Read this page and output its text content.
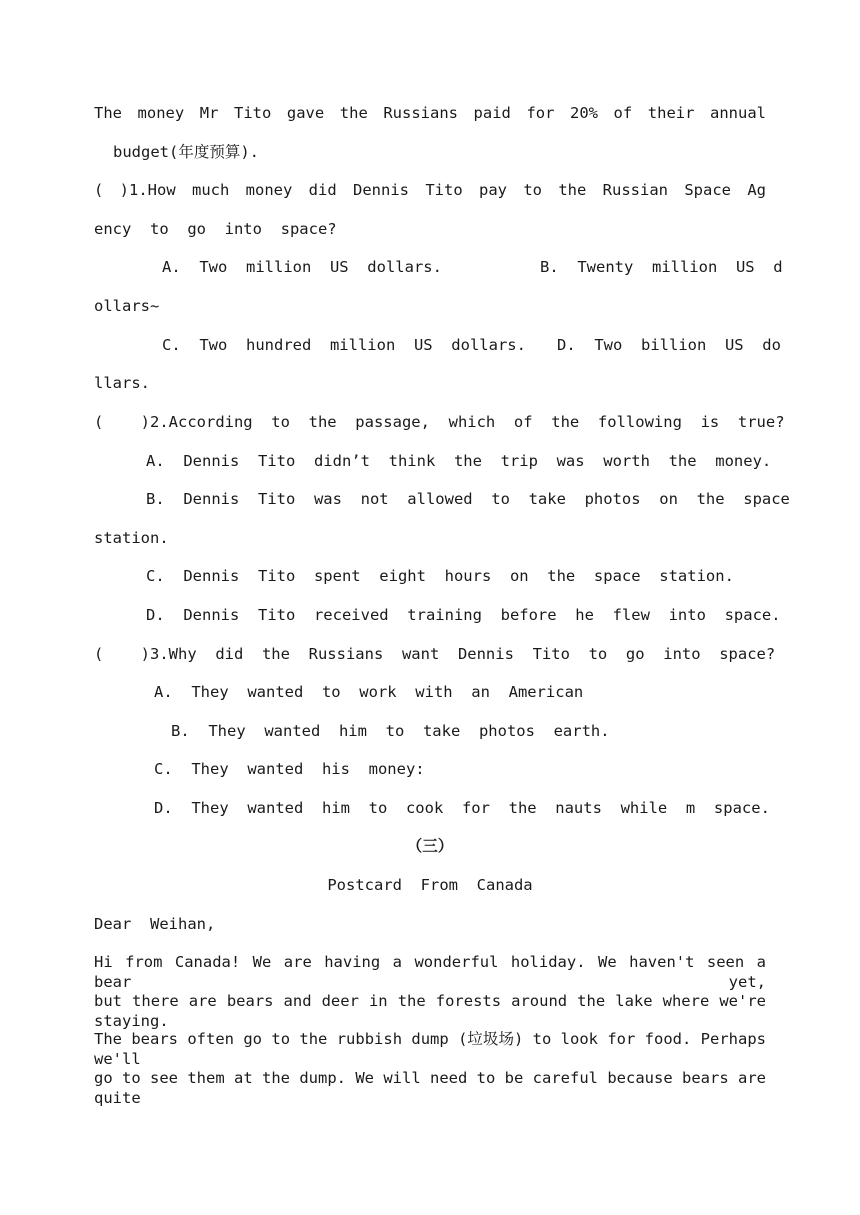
The money Mr Tito gave the Russians paid for 20% of their annual
budget(年度预算).
( )1.How much money did Dennis Tito pay to the Russian Space Ag
ency  to  go  into  space?
A.  Two  million  US  dollars.	B.  Twenty  million  US  d
ollars~
C.  Two  hundred  million  US  dollars. D.  Two  billion  US  do
llars.
(    )2.According  to  the  passage,  which  of  the  following  is  true?
A.  Dennis  Tito  didn’t  think  the  trip  was  worth  the  money.
B.  Dennis  Tito  was  not  allowed  to  take  photos  on  the  space
station.
C.  Dennis  Tito  spent  eight  hours  on  the  space  station.
D.  Dennis  Tito  received  training  before  he  flew  into  space.
(    )3.Why  did  the  Russians  want  Dennis  Tito  to  go  into  space?
A.  They  wanted  to  work  with  an  American
B.  They  wanted  him  to  take  photos  earth.
C.  They  wanted  his  money:
D.  They  wanted  him  to  cook  for  the  nauts  while  m  space.
（三）
Postcard  From  Canada
Dear  Weihan,
Hi from Canada! We are having a wonderful holiday. We haven't seen a bear yet,
but there are bears and deer in the forests around the lake where we're staying.
The bears often go to the rubbish dump (垃圾场) to look for food. Perhaps we'll
go to see them at the dump. We will need to be careful because bears are quite
